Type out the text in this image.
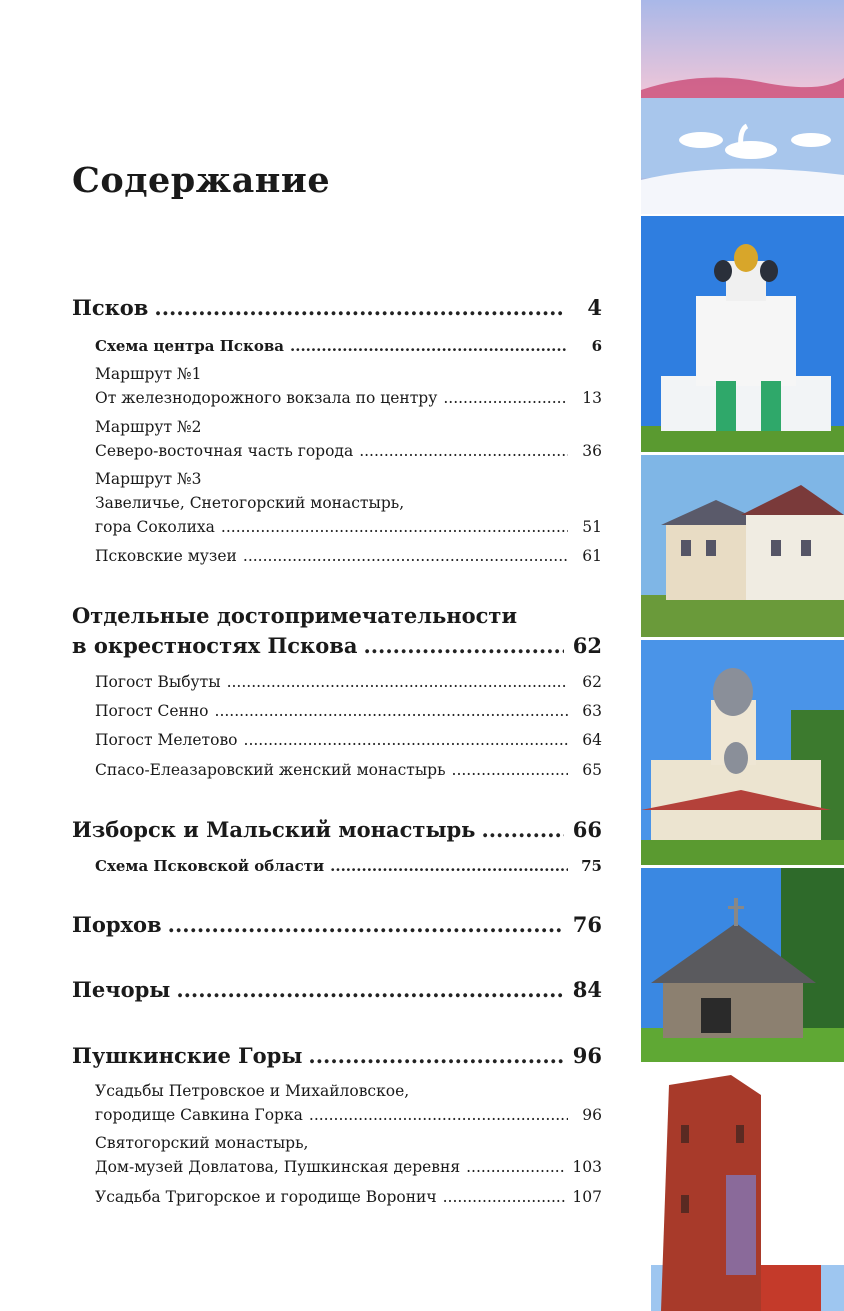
Содержание
Псков .....	4
Схема центра Пскова .....	6
Маршрут №1
От железнодорожного вокзала по центру .....	13
Маршрут №2
Северо-восточная часть города .....	36
Маршрут №3
Завеличье, Снетогорский монастырь,
гора Соколиха .....	51
Псковские музеи .....	61
Отдельные достопримечательности
в окрестностях Пскова .....	62
Погост Выбуты .....	62
Погост Сенно .....	63
Погост Мелетово .....	64
Спасо-Елеазаровский женский монастырь .....	65
Изборск и Мальский монастырь .....	66
Схема Псковской области .....	75
Порхов .....	76
Печоры .....	84
Пушкинские Горы .....	96
Усадьбы Петровское и Михайловское,
городище Савкина Горка .....	96
Святогорский монастырь,
Дом-музей Довлатова, Пушкинская деревня .....	103
Усадьба Тригорское и городище Воронич .....	107
